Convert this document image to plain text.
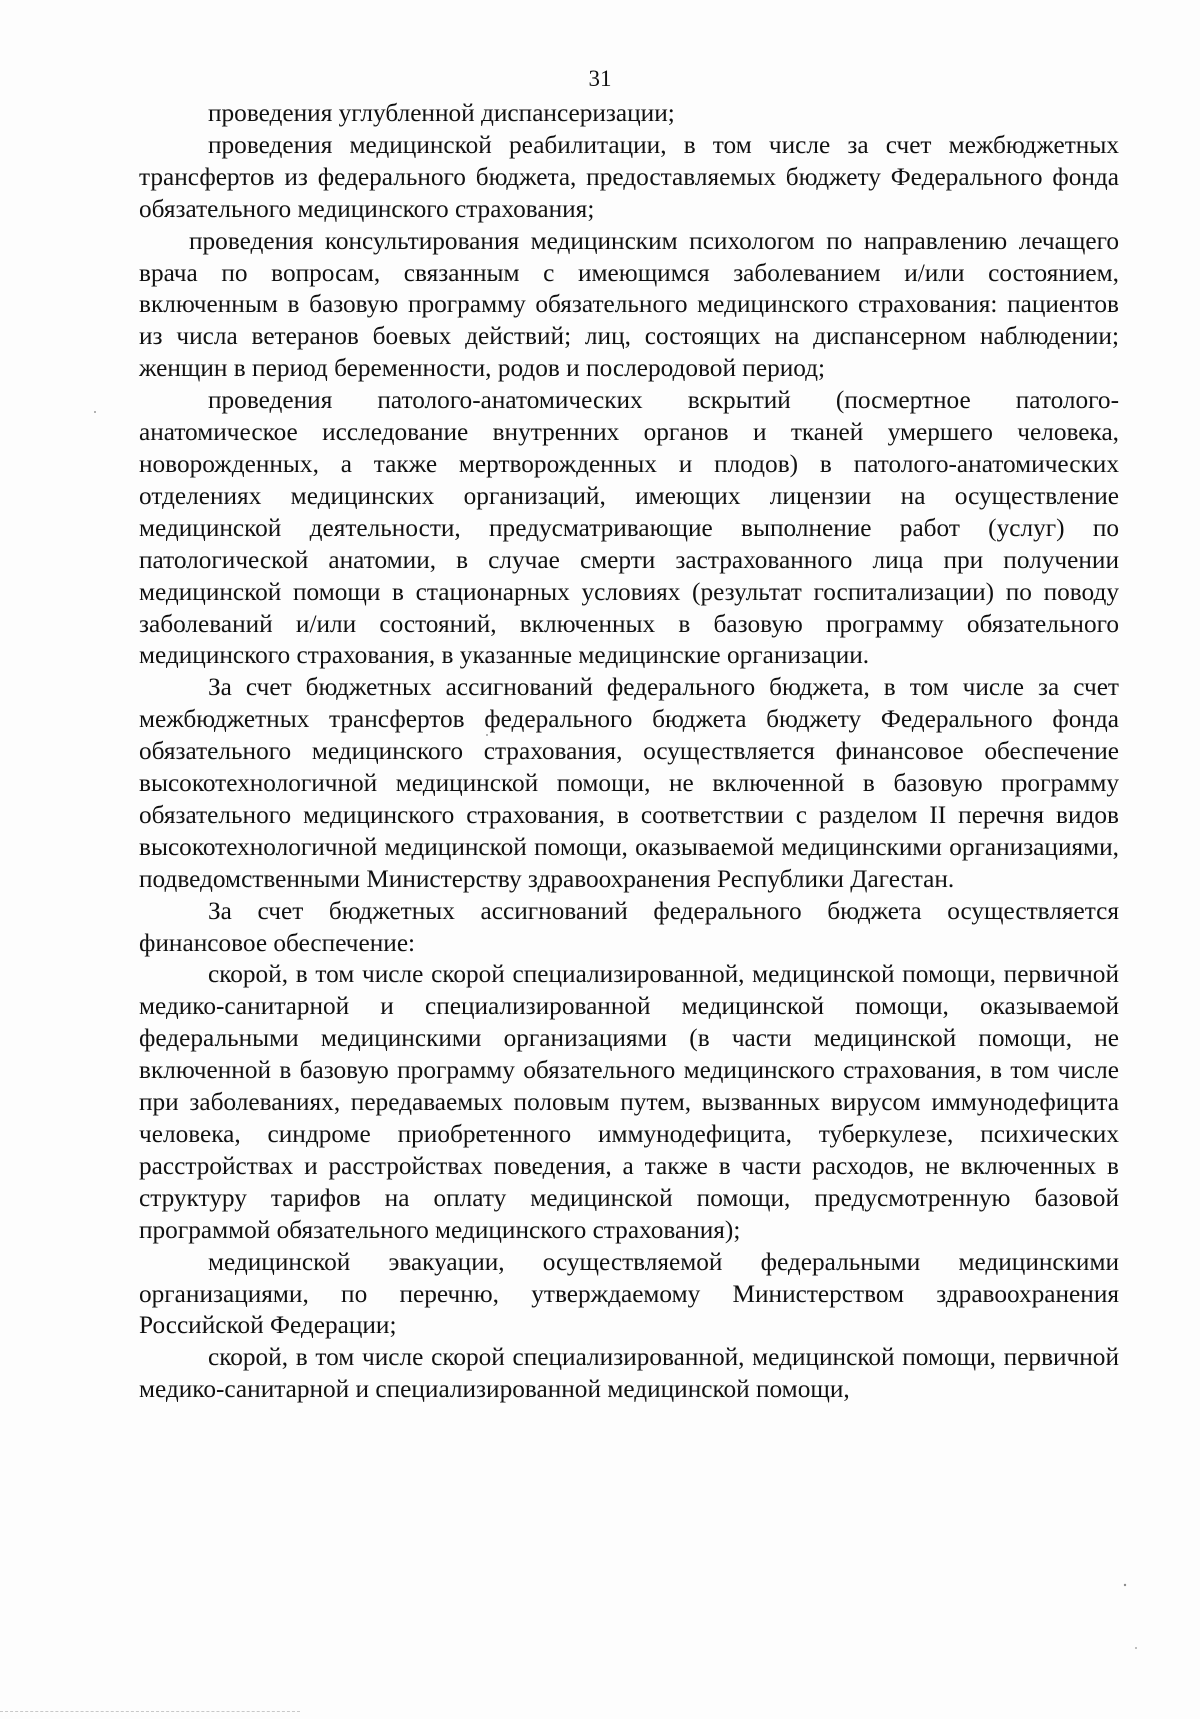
31

проведения углубленной диспансеризации;

проведения медицинской реабилитации, в том числе за счет межбюджетных трансфертов из федерального бюджета, предоставляемых бюджету Федерального фонда обязательного медицинского страхования;

проведения консультирования медицинским психологом по направлению лечащего врача по вопросам, связанным с имеющимся заболеванием и/или состоянием, включенным в базовую программу обязательного медицинского страхования: пациентов из числа ветеранов боевых действий; лиц, состоящих на диспансерном наблюдении; женщин в период беременности, родов и послеродовой период;

проведения патолого-анатомических вскрытий (посмертное патолого-анатомическое исследование внутренних органов и тканей умершего человека, новорожденных, а также мертворожденных и плодов) в патолого-анатомических отделениях медицинских организаций, имеющих лицензии на осуществление медицинской деятельности, предусматривающие выполнение работ (услуг) по патологической анатомии, в случае смерти застрахованного лица при получении медицинской помощи в стационарных условиях (результат госпитализации) по поводу заболеваний и/или состояний, включенных в базовую программу обязательного медицинского страхования, в указанные медицинские организации.

За счет бюджетных ассигнований федерального бюджета, в том числе за счет межбюджетных трансфертов федерального бюджета бюджету Федерального фонда обязательного медицинского страхования, осуществляется финансовое обеспечение высокотехнологичной медицинской помощи, не включенной в базовую программу обязательного медицинского страхования, в соответствии с разделом II перечня видов высокотехнологичной медицинской помощи, оказываемой медицинскими организациями, подведомственными Министерству здравоохранения Республики Дагестан.

За счет бюджетных ассигнований федерального бюджета осуществляется финансовое обеспечение:

скорой, в том числе скорой специализированной, медицинской помощи, первичной медико-санитарной и специализированной медицинской помощи, оказываемой федеральными медицинскими организациями (в части медицинской помощи, не включенной в базовую программу обязательного медицинского страхования, в том числе при заболеваниях, передаваемых половым путем, вызванных вирусом иммунодефицита человека, синдроме приобретенного иммунодефицита, туберкулезе, психических расстройствах и расстройствах поведения, а также в части расходов, не включенных в структуру тарифов на оплату медицинской помощи, предусмотренную базовой программой обязательного медицинского страхования);

медицинской эвакуации, осуществляемой федеральными медицинскими организациями, по перечню, утверждаемому Министерством здравоохранения Российской Федерации;

скорой, в том числе скорой специализированной, медицинской помощи, первичной медико-санитарной и специализированной медицинской помощи,
